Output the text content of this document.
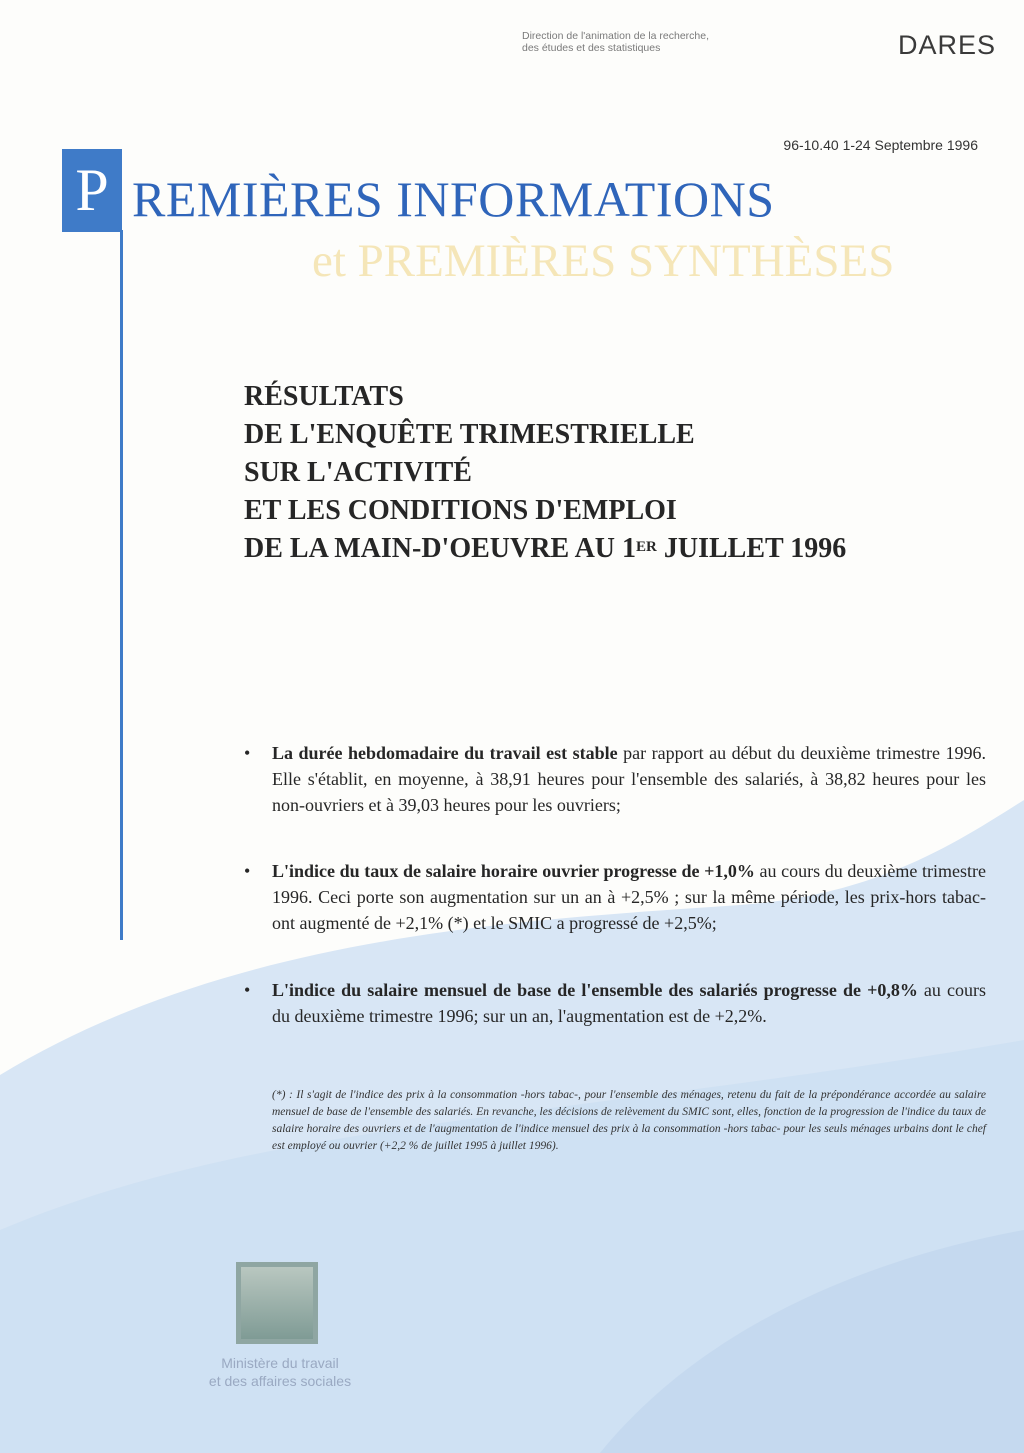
Direction de l'animation de la recherche,
des études et des statistiques	DARES
96-10.40 1-24 Septembre 1996
P REMIÈRES INFORMATIONS
et PREMIÈRES SYNTHÈSES
RÉSULTATS
DE L'ENQUÊTE TRIMESTRIELLE
SUR L'ACTIVITÉ
ET LES CONDITIONS D'EMPLOI
DE LA MAIN-D'OEUVRE AU 1ER JUILLET 1996
• La durée hebdomadaire du travail est stable par rapport au début du deuxième trimestre 1996. Elle s'établit, en moyenne, à 38,91 heures pour l'ensemble des salariés, à 38,82 heures pour les non-ouvriers et à 39,03 heures pour les ouvriers;
• L'indice du taux de salaire horaire ouvrier progresse de +1,0% au cours du deuxième trimestre 1996. Ceci porte son augmentation sur un an à +2,5% ; sur la même période, les prix-hors tabac-ont augmenté de +2,1% (*) et le SMIC a progressé de +2,5%;
• L'indice du salaire mensuel de base de l'ensemble des salariés progresse de +0,8% au cours du deuxième trimestre 1996; sur un an, l'augmentation est de +2,2%.
(*) : Il s'agit de l'indice des prix à la consommation -hors tabac-, pour l'ensemble des ménages, retenu du fait de la prépondérance accordée au salaire mensuel de base de l'ensemble des salariés. En revanche, les décisions de relèvement du SMIC sont, elles, fonction de la progression de l'indice du taux de salaire horaire des ouvriers et de l'augmentation de l'indice mensuel des prix à la consommation -hors tabac- pour les seuls ménages urbains dont le chef est employé ou ouvrier (+2,2 % de juillet 1995 à juillet 1996).
Ministère du travail
et des affaires sociales
